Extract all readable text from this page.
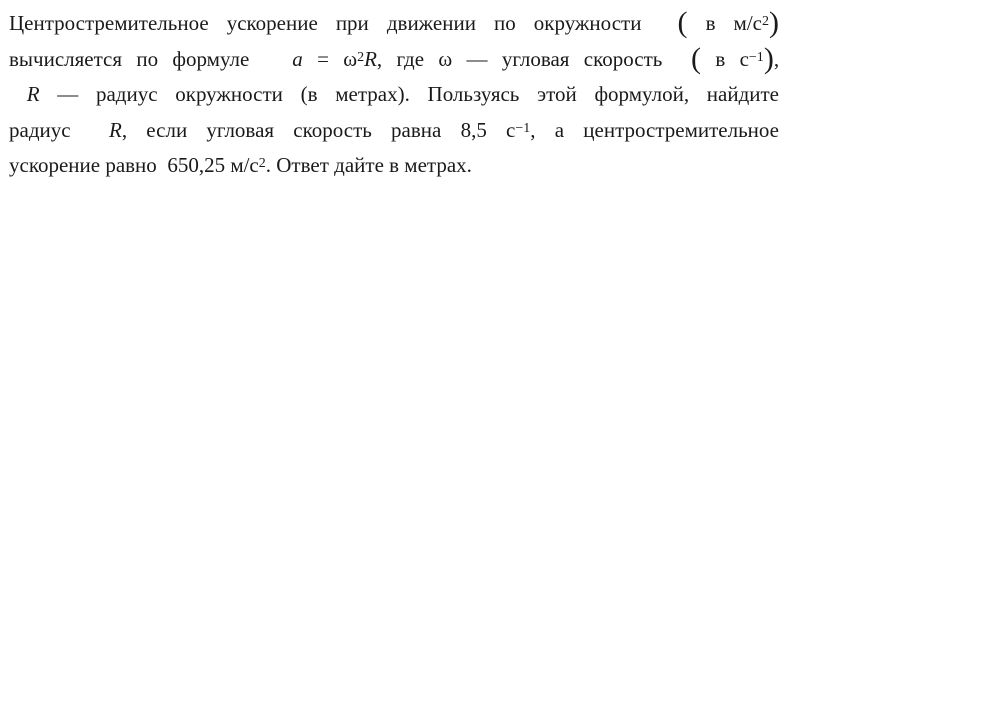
Центростремительное ускорение при движении по окружности ( в $м/с^2$)
вычисляется по формуле $a = \omega^2R$, где ω — угловая скорость ( в $с^{-1}$),
R — радиус окружности (в метрах). Пользуясь этой формулой, найдите
радиус R, если угловая скорость равна 8,5 $с^{-1}$, а центростремительное
ускорение равно 650,25 $м/с^2$. Ответ дайте в метрах.
